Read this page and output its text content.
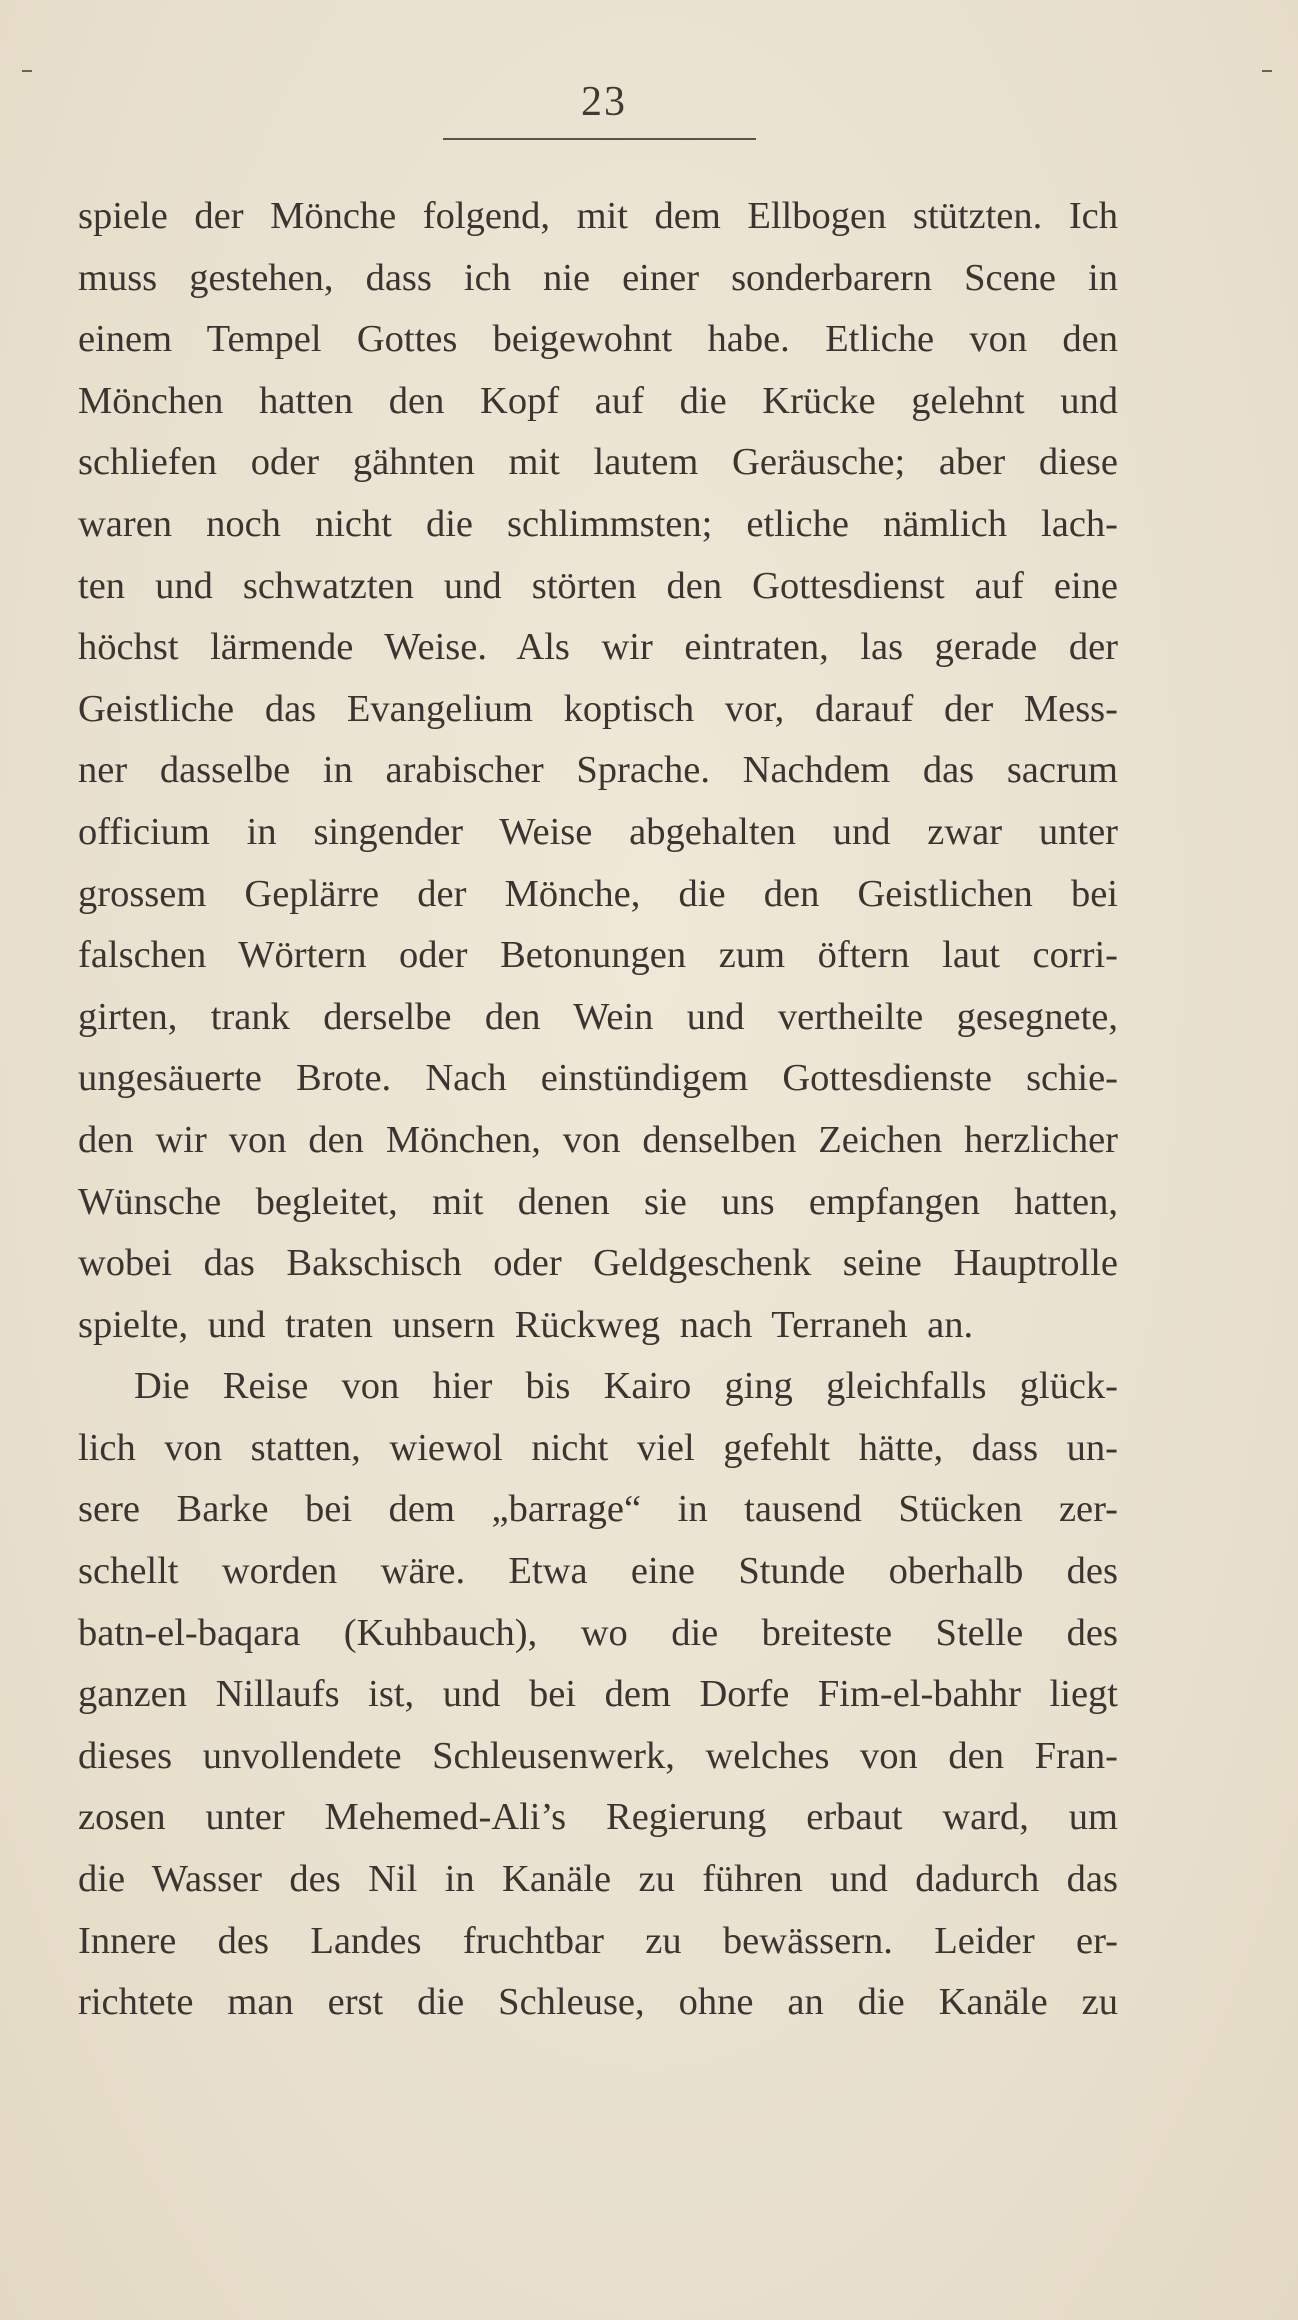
23
spiele der Mönche folgend, mit dem Ellbogen stützten. Ich
muss gestehen, dass ich nie einer sonderbarern Scene in
einem Tempel Gottes beigewohnt habe. Etliche von den
Mönchen hatten den Kopf auf die Krücke gelehnt und
schliefen oder gähnten mit lautem Geräusche; aber diese
waren noch nicht die schlimmsten; etliche nämlich lach-
ten und schwatzten und störten den Gottesdienst auf eine
höchst lärmende Weise. Als wir eintraten, las gerade der
Geistliche das Evangelium koptisch vor, darauf der Mess-
ner dasselbe in arabischer Sprache. Nachdem das sacrum
officium in singender Weise abgehalten und zwar unter
grossem Geplärre der Mönche, die den Geistlichen bei
falschen Wörtern oder Betonungen zum öftern laut corri-
girten, trank derselbe den Wein und vertheilte gesegnete,
ungesäuerte Brote. Nach einstündigem Gottesdienste schie-
den wir von den Mönchen, von denselben Zeichen herzlicher
Wünsche begleitet, mit denen sie uns empfangen hatten,
wobei das Bakschisch oder Geldgeschenk seine Hauptrolle
spielte, und traten unsern Rückweg nach Terraneh an.
Die Reise von hier bis Kairo ging gleichfalls glück-
lich von statten, wiewol nicht viel gefehlt hätte, dass un-
sere Barke bei dem „barrage“ in tausend Stücken zer-
schellt worden wäre. Etwa eine Stunde oberhalb des
batn-el-baqara (Kuhbauch), wo die breiteste Stelle des
ganzen Nillaufs ist, und bei dem Dorfe Fim-el-bahhr liegt
dieses unvollendete Schleusenwerk, welches von den Fran-
zosen unter Mehemed-Ali’s Regierung erbaut ward, um
die Wasser des Nil in Kanäle zu führen und dadurch das
Innere des Landes fruchtbar zu bewässern. Leider er-
richtete man erst die Schleuse, ohne an die Kanäle zu
